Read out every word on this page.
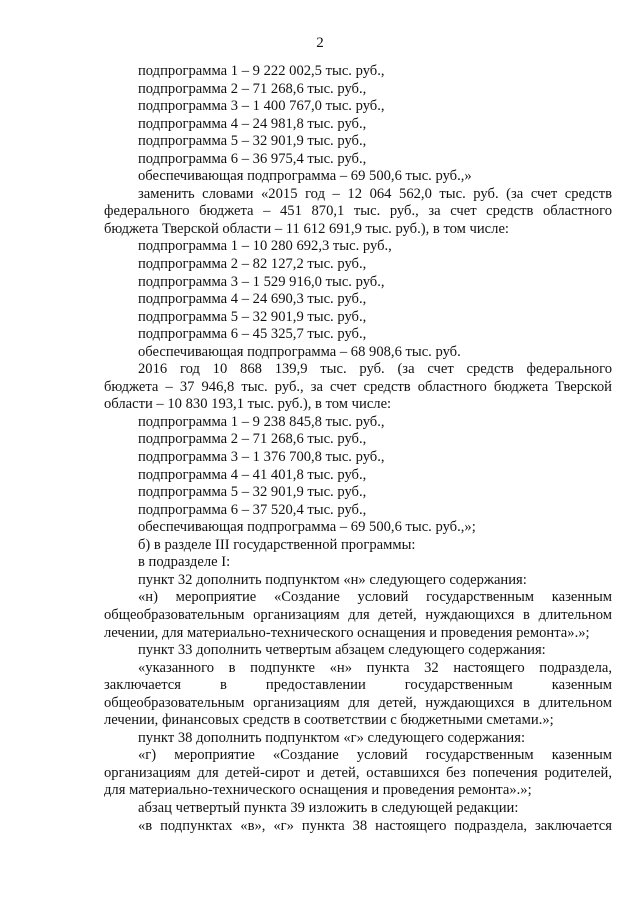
2
подпрограмма 1 – 9 222 002,5 тыс. руб.,
подпрограмма 2 – 71 268,6 тыс. руб.,
подпрограмма 3 – 1 400 767,0 тыс. руб.,
подпрограмма 4 – 24 981,8 тыс. руб.,
подпрограмма 5 – 32 901,9 тыс. руб.,
подпрограмма 6 – 36 975,4 тыс. руб.,
обеспечивающая подпрограмма – 69 500,6 тыс. руб.,»
заменить словами «2015 год – 12 064 562,0 тыс. руб. (за счет средств
федерального бюджета – 451 870,1 тыс. руб., за счет средств областного
бюджета Тверской области – 11 612 691,9 тыс. руб.), в том числе:
подпрограмма 1 – 10 280 692,3 тыс. руб.,
подпрограмма 2 – 82 127,2 тыс. руб.,
подпрограмма 3 – 1 529 916,0 тыс. руб.,
подпрограмма 4 – 24 690,3 тыс. руб.,
подпрограмма 5 – 32 901,9 тыс. руб.,
подпрограмма 6 – 45 325,7 тыс. руб.,
обеспечивающая подпрограмма – 68 908,6 тыс. руб.
2016 год 10 868 139,9 тыс. руб. (за счет средств федерального
бюджета – 37 946,8 тыс. руб., за счет средств областного бюджета Тверской
области – 10 830 193,1 тыс. руб.), в том числе:
подпрограмма 1 – 9 238 845,8 тыс. руб.,
подпрограмма 2 – 71 268,6 тыс. руб.,
подпрограмма 3 – 1 376 700,8 тыс. руб.,
подпрограмма 4 – 41 401,8 тыс. руб.,
подпрограмма 5 – 32 901,9 тыс. руб.,
подпрограмма 6 – 37 520,4 тыс. руб.,
обеспечивающая подпрограмма – 69 500,6 тыс. руб.,»;
б) в разделе III государственной программы:
в подразделе I:
пункт 32 дополнить подпунктом «н» следующего содержания:
«н) мероприятие «Создание условий государственным казенным
общеобразовательным организациям для детей, нуждающихся в длительном
лечении, для материально-технического оснащения и проведения ремонта».»;
пункт 33 дополнить четвертым абзацем следующего содержания:
«указанного в подпункте «н» пункта 32 настоящего подраздела,
заключается в предоставлении государственным казенным
общеобразовательным организациям для детей, нуждающихся в длительном
лечении, финансовых средств в соответствии с бюджетными сметами.»;
пункт 38 дополнить подпунктом «г» следующего содержания:
«г) мероприятие «Создание условий государственным казенным
организациям для детей-сирот и детей, оставшихся без попечения родителей,
для материально-технического оснащения и проведения ремонта».»;
абзац четвертый пункта 39 изложить в следующей редакции:
«в подпунктах «в», «г» пункта 38 настоящего подраздела, заключается
